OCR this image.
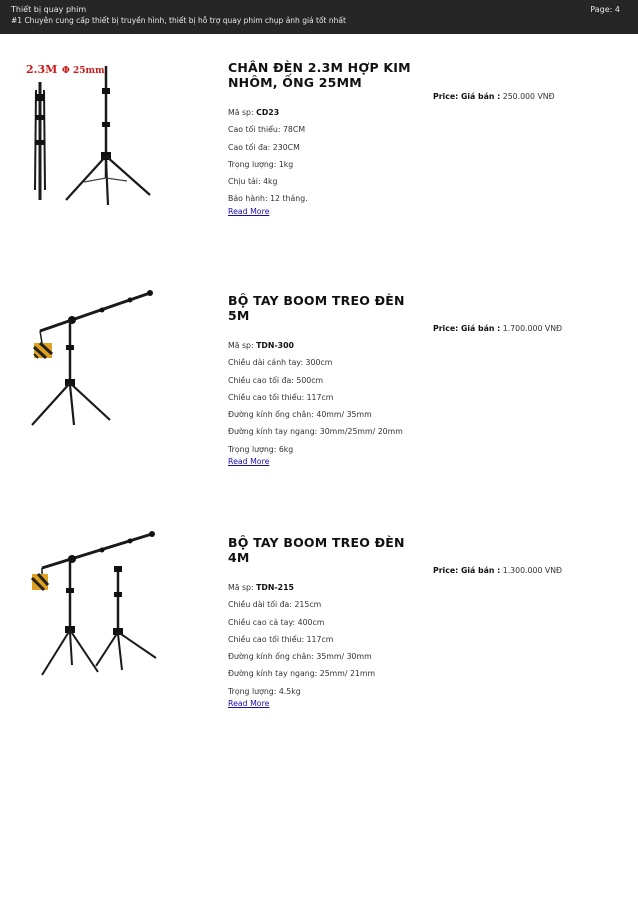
Thiết bị quay phim
#1 Chuyên cung cấp thiết bị truyền hình, thiết bị hỗ trợ quay phim chụp ảnh giá tốt nhất
Page: 4
2.3M Φ 25mm	CHÂN ĐÈN 2.3M HỢP KIM NHÔM, ỐNG 25MM

Mã sp: CD23

Cao tối thiểu: 78CM

Cao tối đa: 230CM

Trọng lượng: 1kg

Chịu tải: 4kg

Bảo hành: 12 tháng.

Read More
Price: Giá bán : 250.000 VNĐ
BỘ TAY BOOM TREO ĐÈN 5M

Mã sp: TDN-300

Chiều dài cánh tay: 300cm

Chiều cao tối đa: 500cm

Chiều cao tối thiểu: 117cm

Đường kính ống chân: 40mm/ 35mm

Đường kính tay ngang: 30mm/25mm/ 20mm

Trọng lượng: 6kg

Read More
Price: Giá bán : 1.700.000 VNĐ
BỘ TAY BOOM TREO ĐÈN 4M

Mã sp: TDN-215

Chiều dài tối đa: 215cm

Chiều cao cả tay: 400cm

Chiều cao tối thiểu: 117cm

Đường kính ống chân: 35mm/ 30mm

Đường kính tay ngang: 25mm/ 21mm

Trọng lượng: 4.5kg

Read More
Price: Giá bán : 1.300.000 VNĐ
